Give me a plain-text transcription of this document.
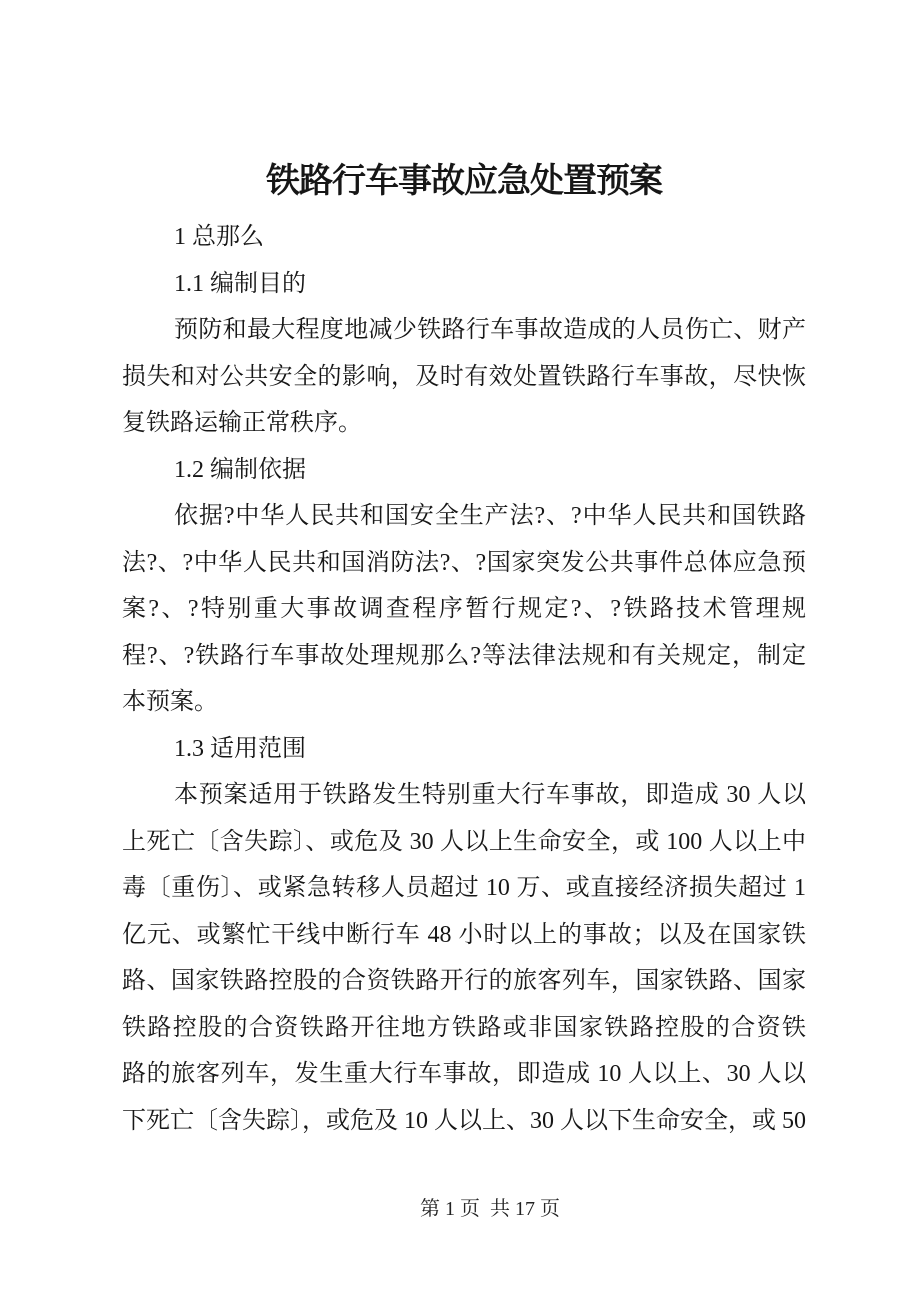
铁路行车事故应急处置预案
1 总那么
1.1 编制目的
预防和最大程度地减少铁路行车事故造成的人员伤亡、财产
损失和对公共安全的影响，及时有效处置铁路行车事故，尽快恢
复铁路运输正常秩序。
1.2 编制依据
依据?中华人民共和国安全生产法?、?中华人民共和国铁路
法?、?中华人民共和国消防法?、?国家突发公共事件总体应急预
案?、?特别重大事故调查程序暂行规定?、?铁路技术管理规
程?、?铁路行车事故处理规那么?等法律法规和有关规定，制定
本预案。
1.3 适用范围
本预案适用于铁路发生特别重大行车事故，即造成 30 人以
上死亡〔含失踪〕、或危及 30 人以上生命安全，或 100 人以上中
毒〔重伤〕、或紧急转移人员超过 10 万、或直接经济损失超过 1
亿元、或繁忙干线中断行车 48 小时以上的事故；以及在国家铁
路、国家铁路控股的合资铁路开行的旅客列车，国家铁路、国家
铁路控股的合资铁路开往地方铁路或非国家铁路控股的合资铁
路的旅客列车，发生重大行车事故，即造成 10 人以上、30 人以
下死亡〔含失踪〕，或危及 10 人以上、30 人以下生命安全，或 50
第 1 页  共 17 页
